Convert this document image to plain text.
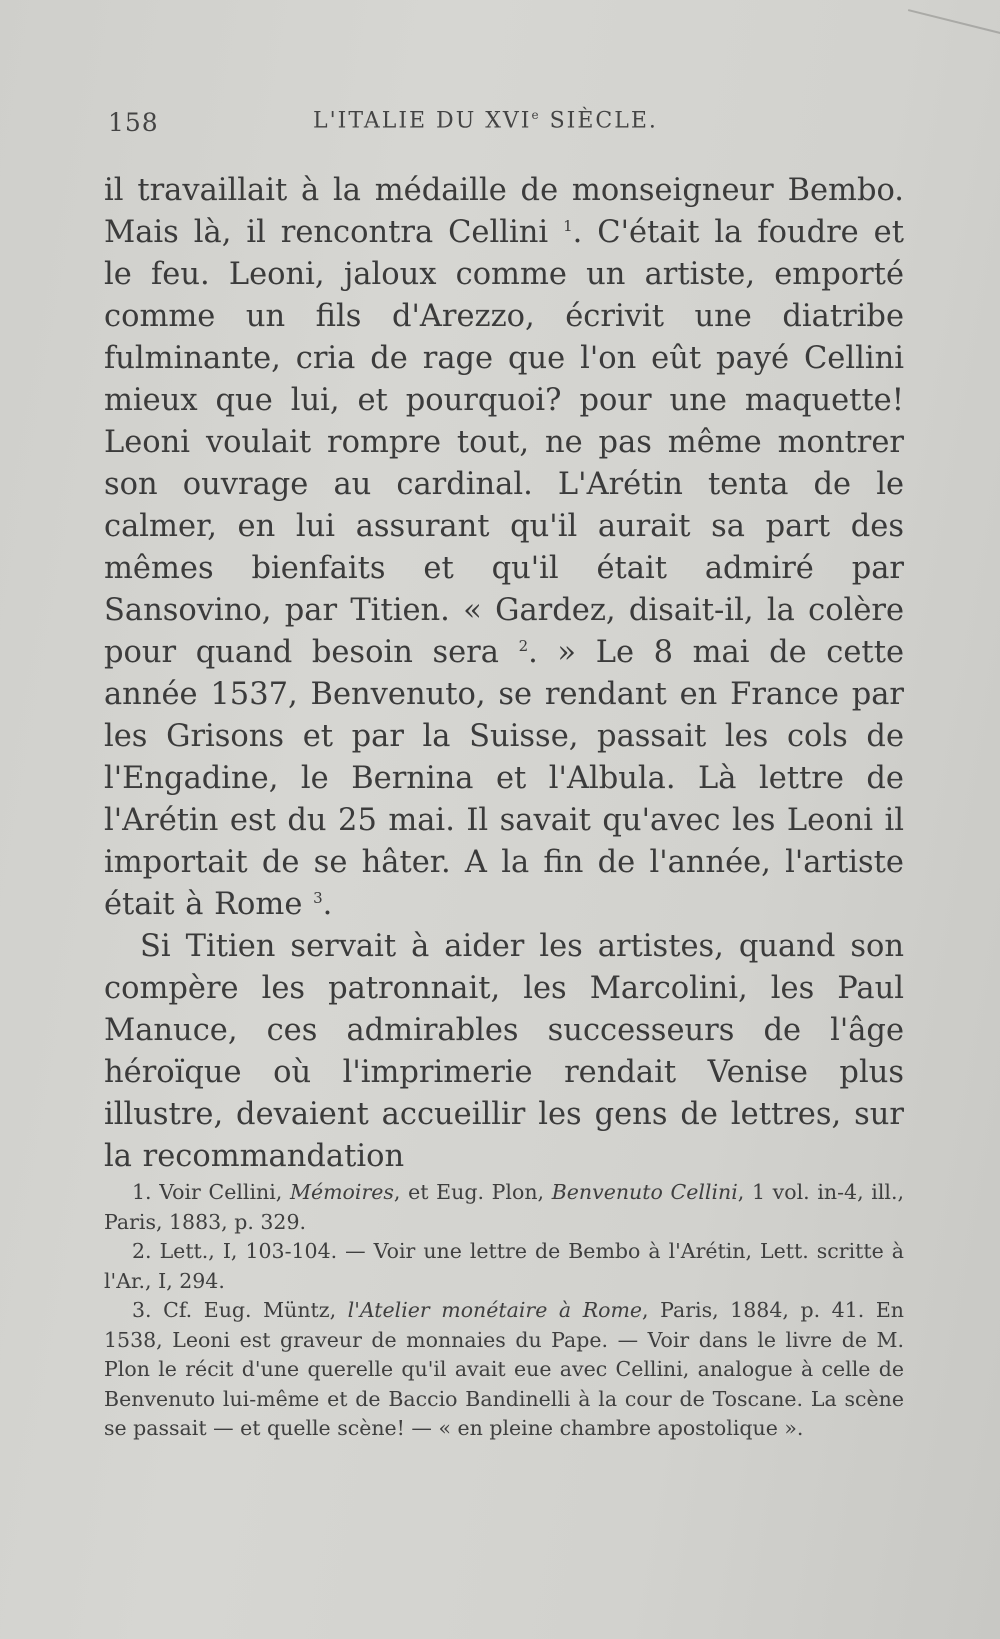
158	L'ITALIE DU XVIe SIÈCLE.

il travaillait à la médaille de monseigneur Bembo. Mais là, il rencontra Cellini $^1$. C'était la foudre et le feu. Leoni, jaloux comme un artiste, emporté comme un fils d'Arezzo, écrivit une diatribe fulminante, cria de rage que l'on eût payé Cellini mieux que lui, et pourquoi? pour une maquette! Leoni voulait rompre tout, ne pas même montrer son ouvrage au cardinal. L'Arétin tenta de le calmer, en lui assurant qu'il aurait sa part des mêmes bienfaits et qu'il était admiré par Sansovino, par Titien. « Gardez, disait-il, la colère pour quand besoin sera $^2$. » Le 8 mai de cette année 1537, Benvenuto, se rendant en France par les Grisons et par la Suisse, passait les cols de l'Engadine, le Bernina et l'Albula. Là lettre de l'Arétin est du 25 mai. Il savait qu'avec les Leoni il importait de se hâter. A la fin de l'année, l'artiste était à Rome $^3$.

Si Titien servait à aider les artistes, quand son compère les patronnait, les Marcolini, les Paul Manuce, ces admirables successeurs de l'âge héroïque où l'imprimerie rendait Venise plus illustre, devaient accueillir les gens de lettres, sur la recommandation

1. Voir Cellini, Mémoires, et Eug. Plon, Benvenuto Cellini, 1 vol. in-4, ill., Paris, 1883, p. 329.

2. Lett., I, 103-104. — Voir une lettre de Bembo à l'Arétin, Lett. scritte à l'Ar., I, 294.

3. Cf. Eug. Müntz, l'Atelier monétaire à Rome, Paris, 1884, p. 41. En 1538, Leoni est graveur de monnaies du Pape. — Voir dans le livre de M. Plon le récit d'une querelle qu'il avait eue avec Cellini, analogue à celle de Benvenuto lui-même et de Baccio Bandinelli à la cour de Toscane. La scène se passait — et quelle scène! — « en pleine chambre apostolique ».
